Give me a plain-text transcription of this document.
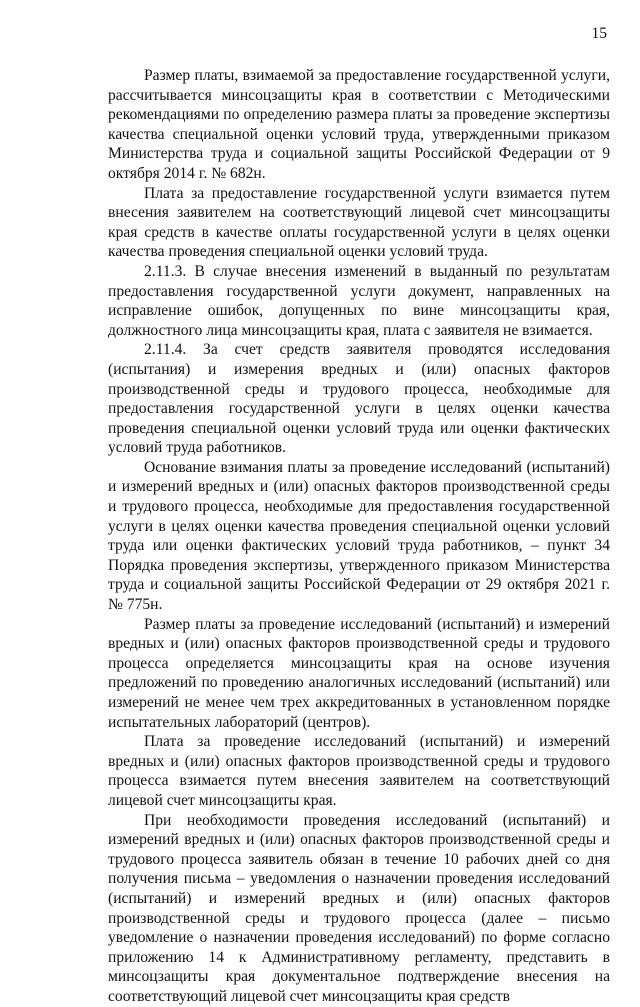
15

Размер платы, взимаемой за предоставление государственной услуги, рассчитывается минсоцзащиты края в соответствии с Методическими рекомендациями по определению размера платы за проведение экспертизы качества специальной оценки условий труда, утвержденными приказом Министерства труда и социальной защиты Российской Федерации от 9 октября 2014 г. № 682н.

Плата за предоставление государственной услуги взимается путем внесения заявителем на соответствующий лицевой счет минсоцзащиты края средств в качестве оплаты государственной услуги в целях оценки качества проведения специальной оценки условий труда.

2.11.3. В случае внесения изменений в выданный по результатам предоставления государственной услуги документ, направленных на исправление ошибок, допущенных по вине минсоцзащиты края, должностного лица минсоцзащиты края, плата с заявителя не взимается.

2.11.4. За счет средств заявителя проводятся исследования (испытания) и измерения вредных и (или) опасных факторов производственной среды и трудового процесса, необходимые для предоставления государственной услуги в целях оценки качества проведения специальной оценки условий труда или оценки фактических условий труда работников.

Основание взимания платы за проведение исследований (испытаний) и измерений вредных и (или) опасных факторов производственной среды и трудового процесса, необходимые для предоставления государственной услуги в целях оценки качества проведения специальной оценки условий труда или оценки фактических условий труда работников, – пункт 34 Порядка проведения экспертизы, утвержденного приказом Министерства труда и социальной защиты Российской Федерации от 29 октября 2021 г. № 775н.

Размер платы за проведение исследований (испытаний) и измерений вредных и (или) опасных факторов производственной среды и трудового процесса определяется минсоцзащиты края на основе изучения предложений по проведению аналогичных исследований (испытаний) или измерений не менее чем трех аккредитованных в установленном порядке испытательных лабораторий (центров).

Плата за проведение исследований (испытаний) и измерений вредных и (или) опасных факторов производственной среды и трудового процесса взимается путем внесения заявителем на соответствующий лицевой счет минсоцзащиты края.

При необходимости проведения исследований (испытаний) и измерений вредных и (или) опасных факторов производственной среды и трудового процесса заявитель обязан в течение 10 рабочих дней со дня получения письма – уведомления о назначении проведения исследований (испытаний) и измерений вредных и (или) опасных факторов производственной среды и трудового процесса (далее – письмо уведомление о назначении проведения исследований) по форме согласно приложению 14 к Административному регламенту, представить в минсоцзащиты края документальное подтверждение внесения на соответствующий лицевой счет минсоцзащиты края средств
